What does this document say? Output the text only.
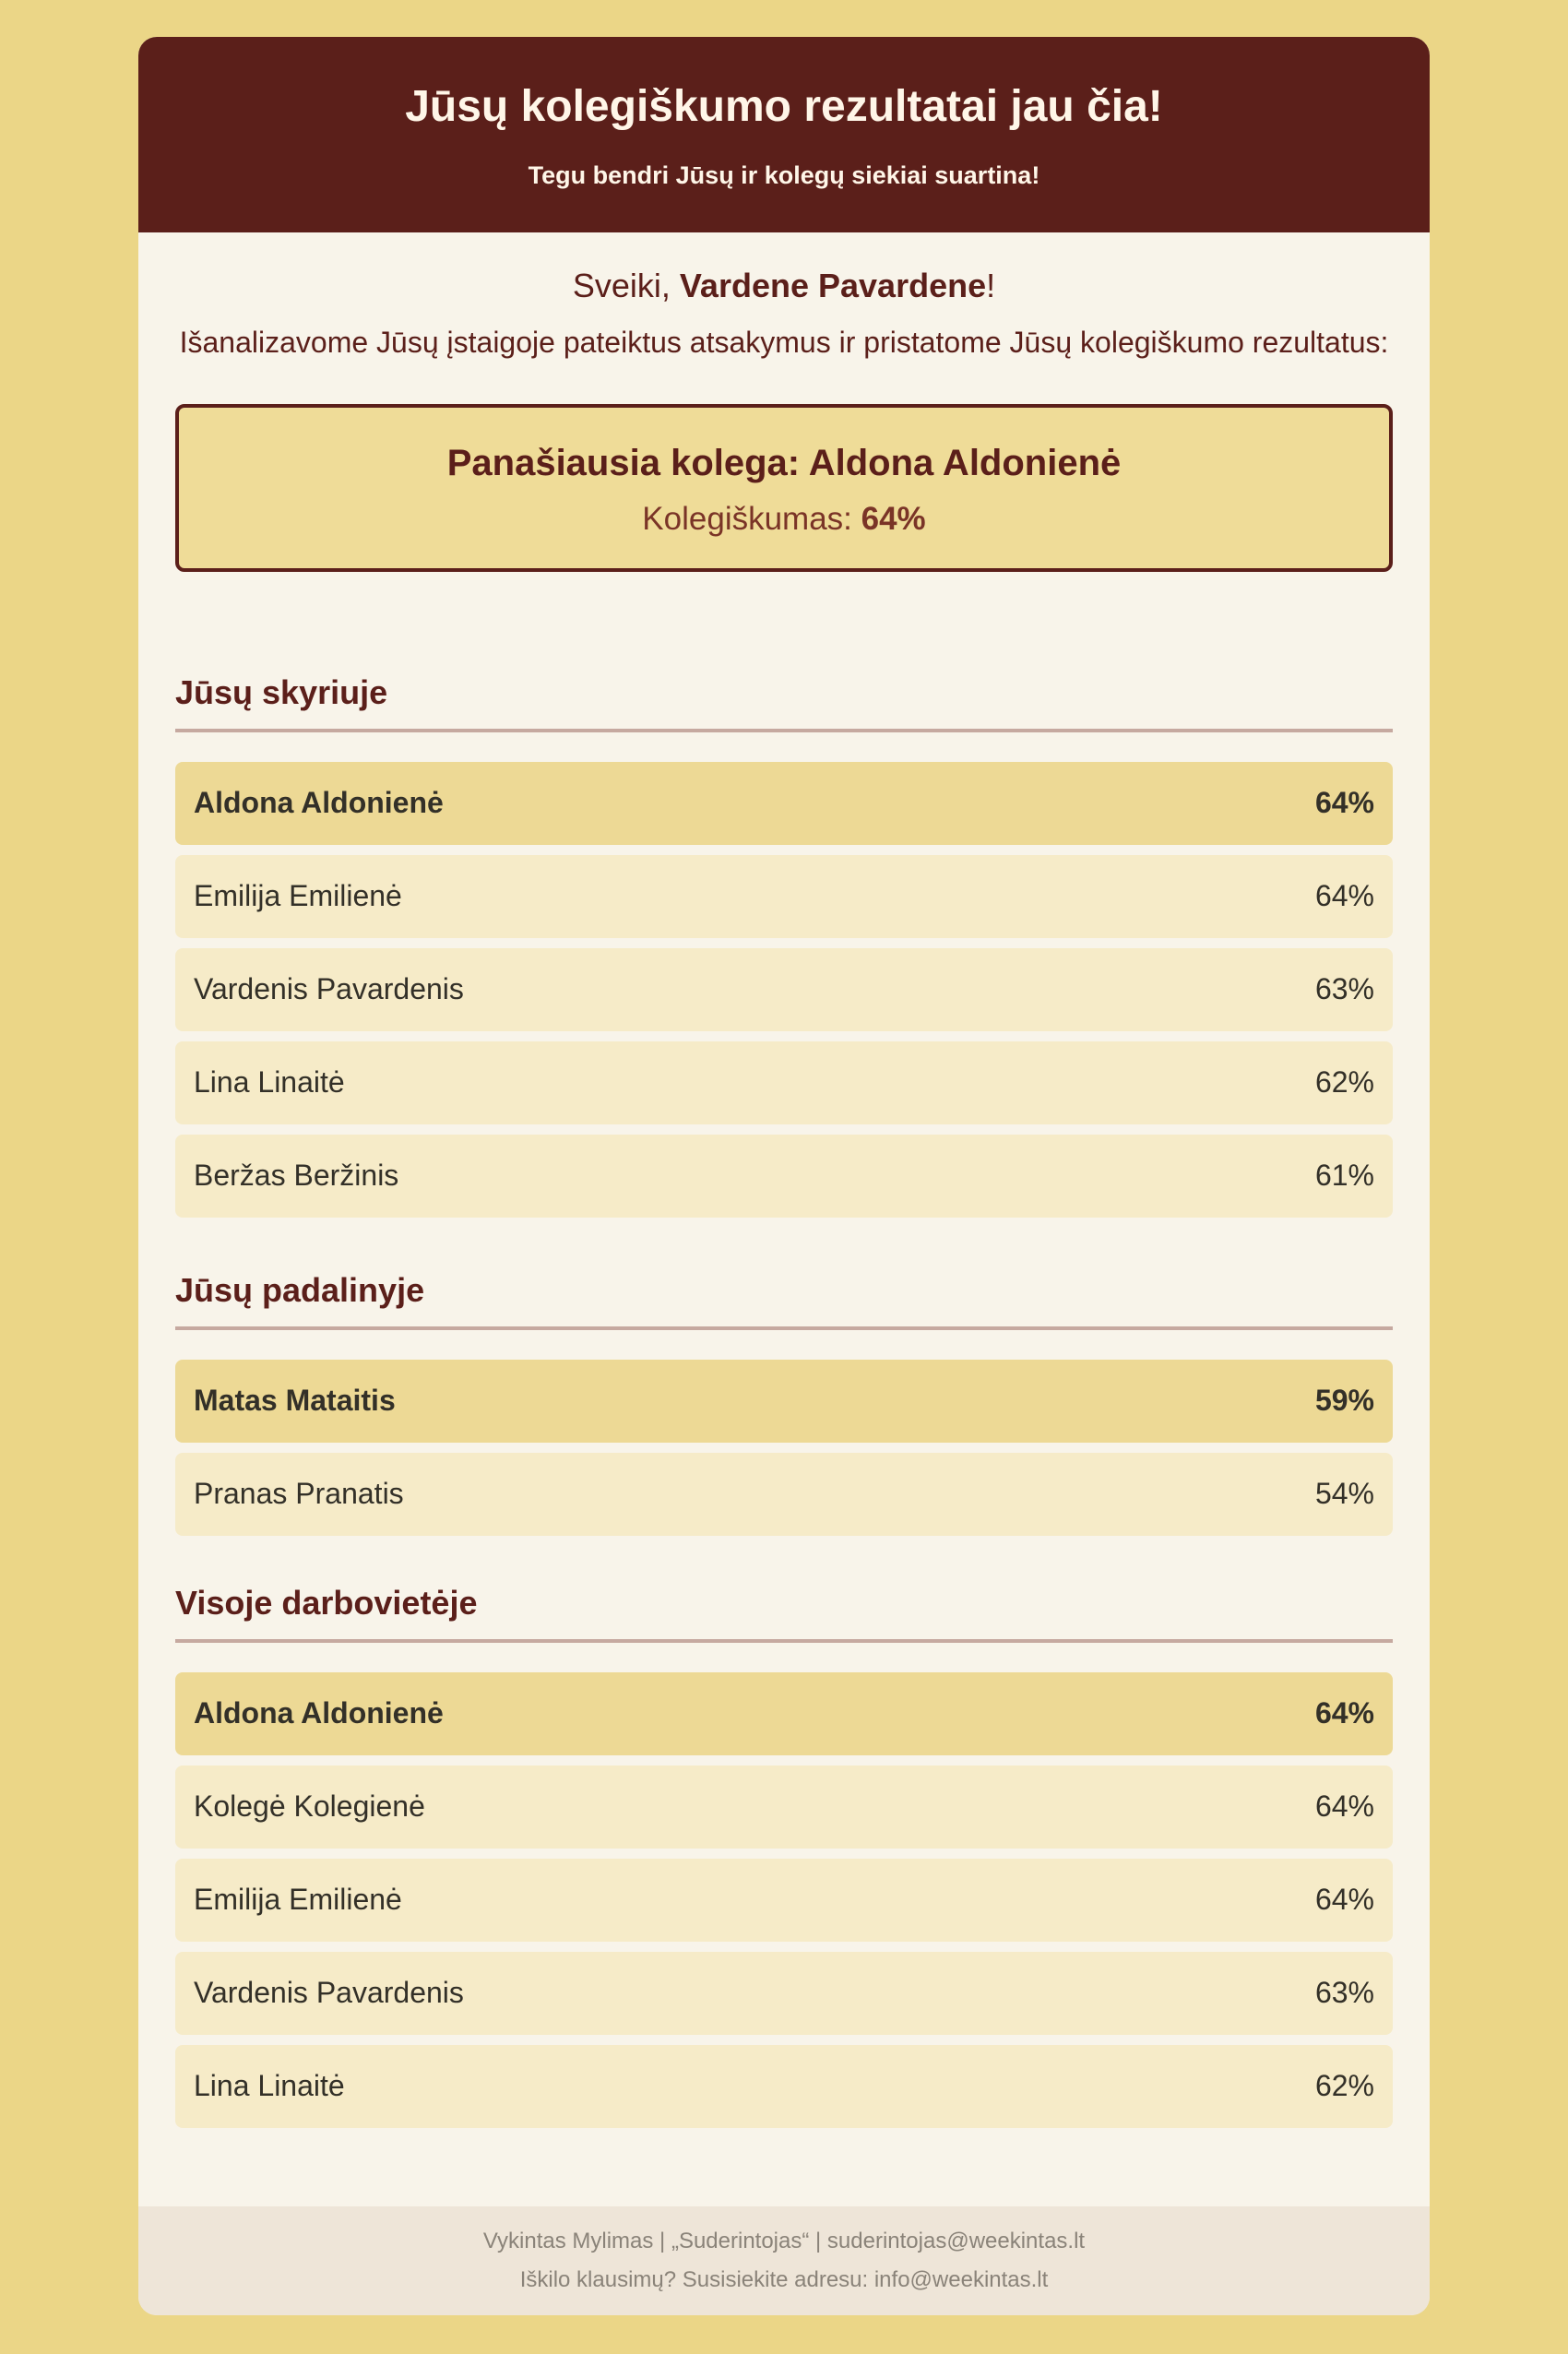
Jūsų kolegiškumo rezultatai jau čia!
Tegu bendri Jūsų ir kolegų siekiai suartina!
Sveiki, Vardene Pavardene!
Išanalizavome Jūsų įstaigoje pateiktus atsakymus ir pristatome Jūsų kolegiškumo rezultatus:
Panašiausia kolega: Aldona Aldonienė
Kolegiškumas: 64%
Jūsų skyriuje
Aldona Aldonienė	64%
Emilija Emilienė	64%
Vardenis Pavardenis	63%
Lina Linaitė	62%
Beržas Beržinis	61%
Jūsų padalinyje
Matas Mataitis	59%
Pranas Pranatis	54%
Visoje darbovietėje
Aldona Aldonienė	64%
Kolegė Kolegienė	64%
Emilija Emilienė	64%
Vardenis Pavardenis	63%
Lina Linaitė	62%
Vykintas Mylimas | „Suderintojas“ | suderintojas@weekintas.lt
Iškilo klausimų? Susisiekite adresu: info@weekintas.lt
